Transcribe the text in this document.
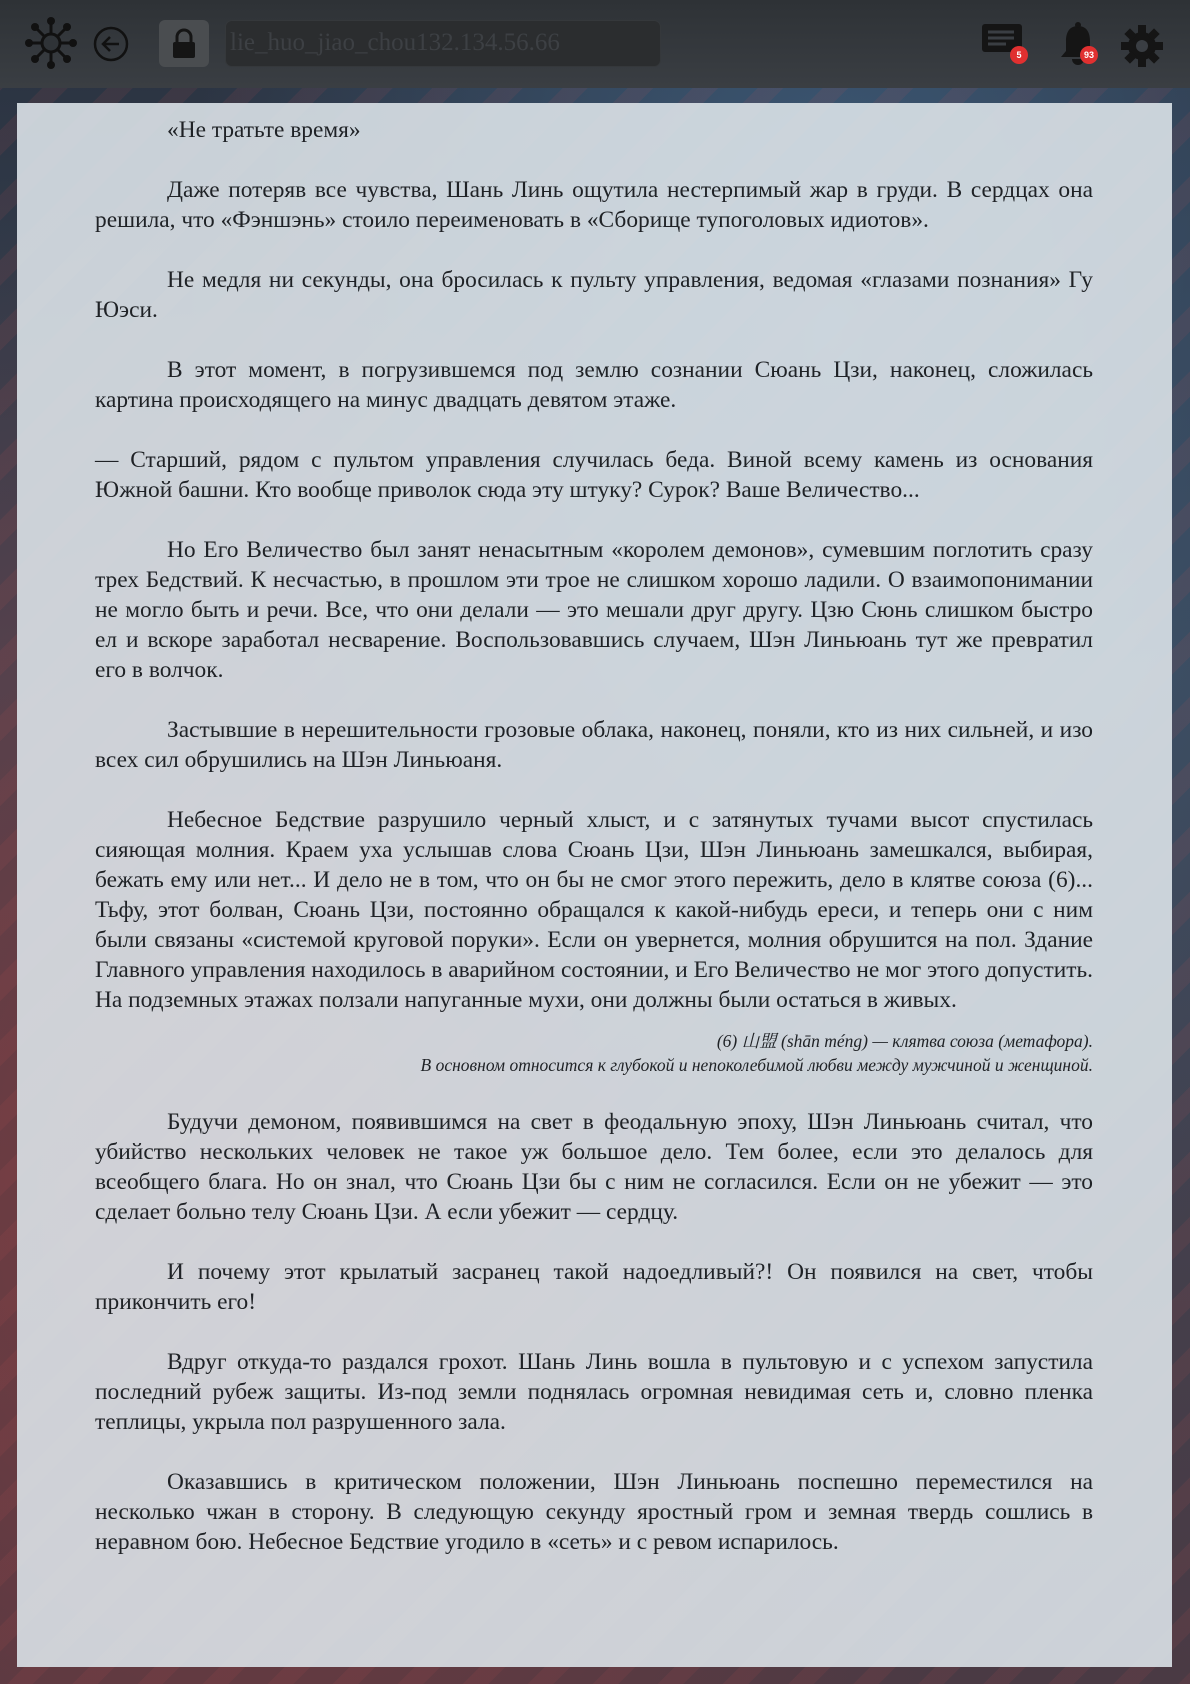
lie_huo_jiao_chou132.134.56.66	5	93

«Не тратьте время»

Даже потеряв все чувства, Шань Линь ощутила нестерпимый жар в груди. В сердцах она решила, что «Фэншэнь» стоило переименовать в «Сборище тупоголовых идиотов».

Не медля ни секунды, она бросилась к пульту управления, ведомая «глазами познания» Гу Юэси.

В этот момент, в погрузившемся под землю сознании Сюань Цзи, наконец, сложилась картина происходящего на минус двадцать девятом этаже.

— Старший, рядом с пультом управления случилась беда. Виной всему камень из основания Южной башни. Кто вообще приволок сюда эту штуку? Сурок? Ваше Величество...

Но Его Величество был занят ненасытным «королем демонов», сумевшим поглотить сразу трех Бедствий. К несчастью, в прошлом эти трое не слишком хорошо ладили. О взаимопонимании не могло быть и речи. Все, что они делали — это мешали друг другу. Цзю Сюнь слишком быстро ел и вскоре заработал несварение. Воспользовавшись случаем, Шэн Линьюань тут же превратил его в волчок.

Застывшие в нерешительности грозовые облака, наконец, поняли, кто из них сильней, и изо всех сил обрушились на Шэн Линьюаня.

Небесное Бедствие разрушило черный хлыст, и с затянутых тучами высот спустилась сияющая молния. Краем уха услышав слова Сюань Цзи, Шэн Линьюань замешкался, выбирая, бежать ему или нет... И дело не в том, что он бы не смог этого пережить, дело в клятве союза (6)... Тьфу, этот болван, Сюань Цзи, постоянно обращался к какой-нибудь ереси, и теперь они с ним были связаны «системой круговой поруки». Если он увернется, молния обрушится на пол. Здание Главного управления находилось в аварийном состоянии, и Его Величество не мог этого допустить. На подземных этажах ползали напуганные мухи, они должны были остаться в живых.

(6) 山盟 (shān méng) — клятва союза (метафора).

В основном относится к глубокой и непоколебимой любви между мужчиной и женщиной.

Будучи демоном, появившимся на свет в феодальную эпоху, Шэн Линьюань считал, что убийство нескольких человек не такое уж большое дело. Тем более, если это делалось для всеобщего блага. Но он знал, что Сюань Цзи бы с ним не согласился. Если он не убежит — это сделает больно телу Сюань Цзи. А если убежит — сердцу.

И почему этот крылатый засранец такой надоедливый?! Он появился на свет, чтобы прикончить его!

Вдруг откуда-то раздался грохот. Шань Линь вошла в пультовую и с успехом запустила последний рубеж защиты. Из-под земли поднялась огромная невидимая сеть и, словно пленка теплицы, укрыла пол разрушенного зала.

Оказавшись в критическом положении, Шэн Линьюань поспешно переместился на несколько чжан в сторону. В следующую секунду яростный гром и земная твердь сошлись в неравном бою. Небесное Бедствие угодило в «сеть» и с ревом испарилось.
